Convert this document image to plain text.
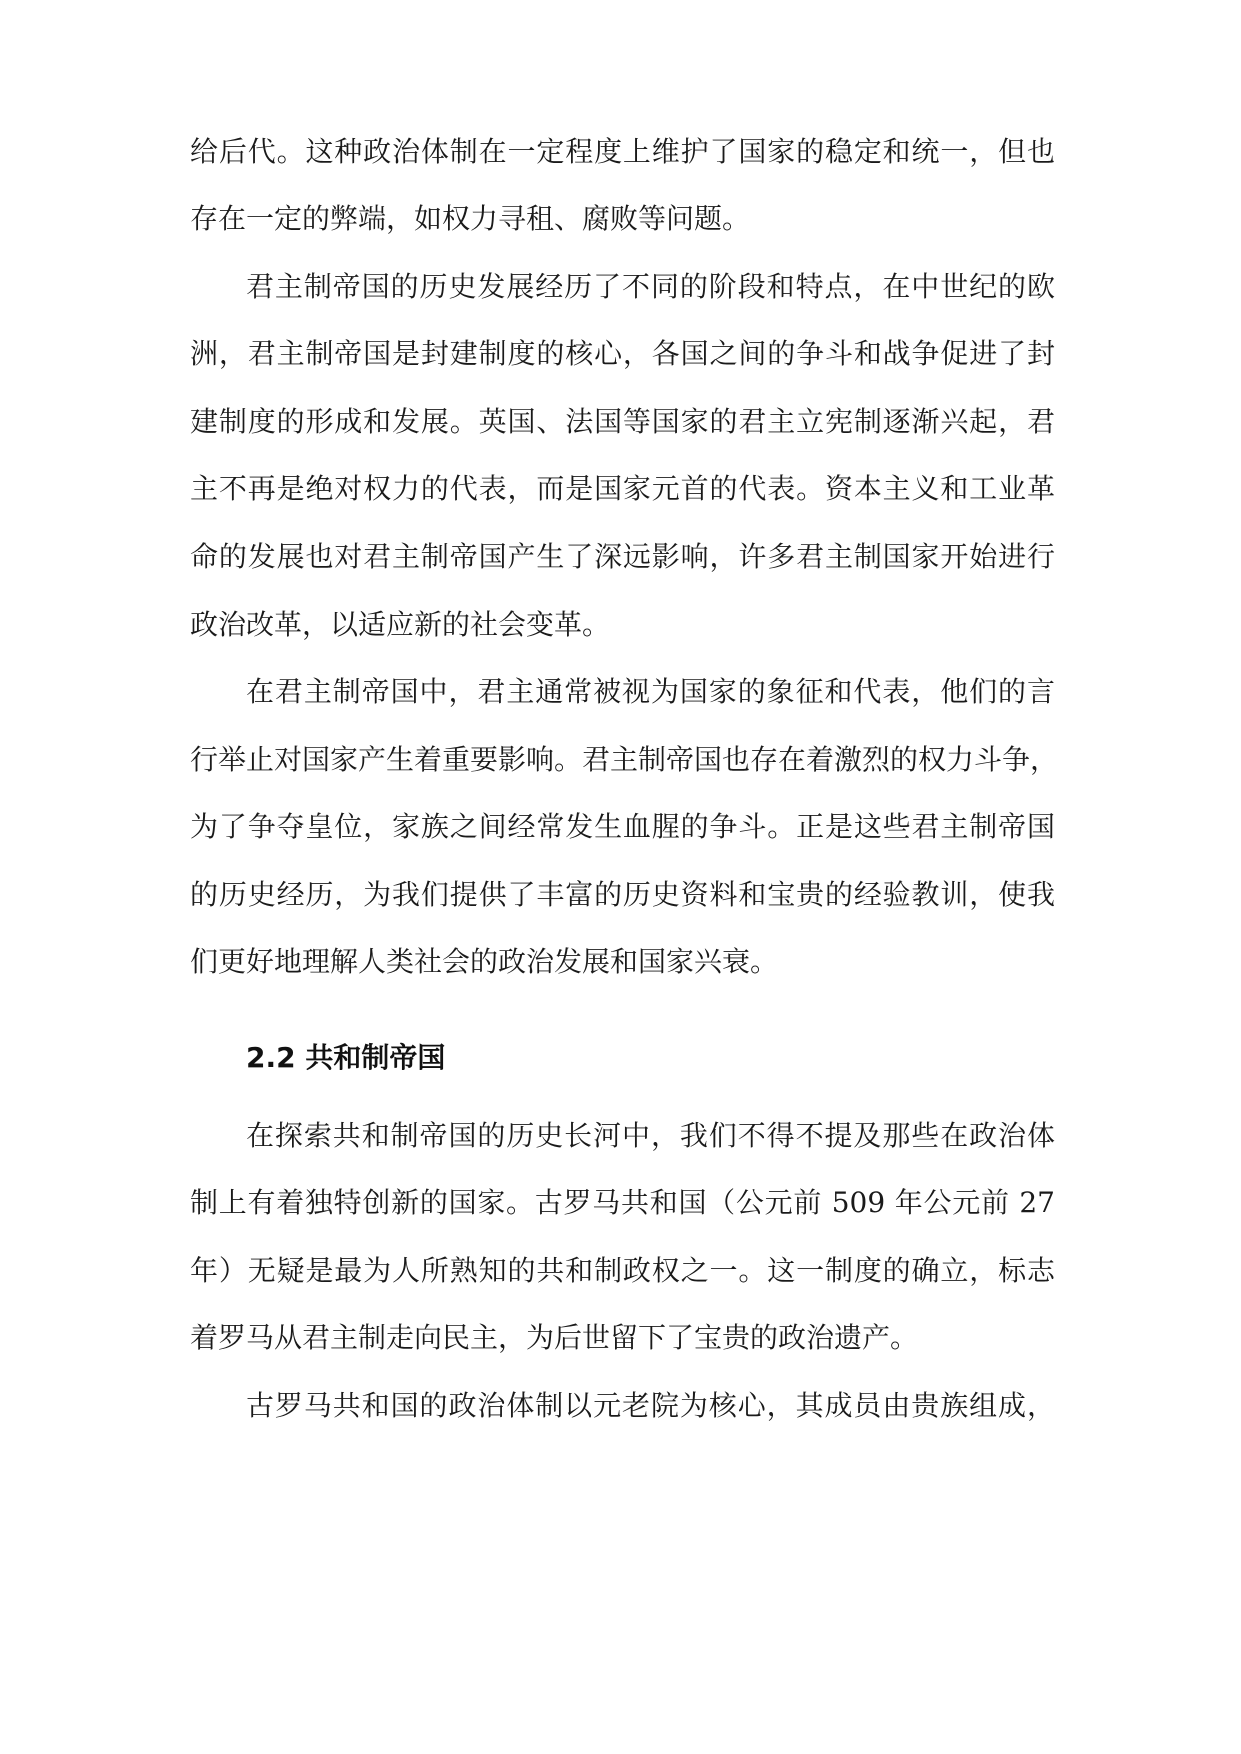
给后代。这种政治体制在一定程度上维护了国家的稳定和统一，但也
存在一定的弊端，如权力寻租、腐败等问题。
君主制帝国的历史发展经历了不同的阶段和特点，在中世纪的欧
洲，君主制帝国是封建制度的核心，各国之间的争斗和战争促进了封
建制度的形成和发展。英国、法国等国家的君主立宪制逐渐兴起，君
主不再是绝对权力的代表，而是国家元首的代表。资本主义和工业革
命的发展也对君主制帝国产生了深远影响，许多君主制国家开始进行
政治改革，以适应新的社会变革。
在君主制帝国中，君主通常被视为国家的象征和代表，他们的言
行举止对国家产生着重要影响。君主制帝国也存在着激烈的权力斗争，
为了争夺皇位，家族之间经常发生血腥的争斗。正是这些君主制帝国
的历史经历，为我们提供了丰富的历史资料和宝贵的经验教训，使我
们更好地理解人类社会的政治发展和国家兴衰。
2.2 共和制帝国
在探索共和制帝国的历史长河中，我们不得不提及那些在政治体
制上有着独特创新的国家。古罗马共和国（公元前 509 年公元前 27
年）无疑是最为人所熟知的共和制政权之一。这一制度的确立，标志
着罗马从君主制走向民主，为后世留下了宝贵的政治遗产。
古罗马共和国的政治体制以元老院为核心，其成员由贵族组成，
